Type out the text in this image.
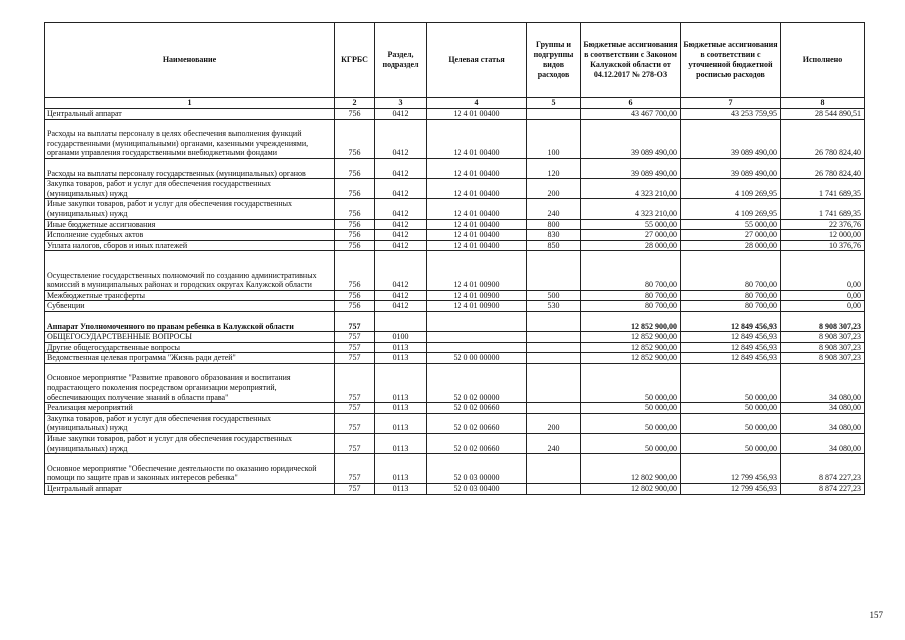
Наименование	КГРБС	Раздел, подраздел	Целевая статья	Группы и подгруппы видов расходов	Бюджетные ассигнования в соответствии с Законом Калужской области от 04.12.2017 № 278-ОЗ	Бюджетные ассигнования в соответствии с уточненной бюджетной росписью расходов	Исполнено
1	2	3	4	5	6	7	8
Центральный аппарат	756	0412	12 4 01 00400		43 467 700,00	43 253 759,95	28 544 890,51
Расходы на выплаты персоналу в целях обеспечения выполнения функций государственными (муниципальными) органами, казенными учреждениями, органами управления государственными внебюджетными фондами	756	0412	12 4 01 00400	100	39 089 490,00	39 089 490,00	26 780 824,40
Расходы на выплаты персоналу государственных (муниципальных) органов	756	0412	12 4 01 00400	120	39 089 490,00	39 089 490,00	26 780 824,40
Закупка товаров, работ и услуг для обеспечения государственных (муниципальных) нужд	756	0412	12 4 01 00400	200	4 323 210,00	4 109 269,95	1 741 689,35
Иные закупки товаров, работ и услуг для обеспечения государственных (муниципальных) нужд	756	0412	12 4 01 00400	240	4 323 210,00	4 109 269,95	1 741 689,35
Иные бюджетные ассигнования	756	0412	12 4 01 00400	800	55 000,00	55 000,00	22 376,76
Исполнение судебных актов	756	0412	12 4 01 00400	830	27 000,00	27 000,00	12 000,00
Уплата налогов, сборов и иных платежей	756	0412	12 4 01 00400	850	28 000,00	28 000,00	10 376,76
Осуществление государственных полномочий по созданию административных комиссий в муниципальных районах и городских округах Калужской области	756	0412	12 4 01 00900		80 700,00	80 700,00	0,00
Межбюджетные трансферты	756	0412	12 4 01 00900	500	80 700,00	80 700,00	0,00
Субвенции	756	0412	12 4 01 00900	530	80 700,00	80 700,00	0,00
Аппарат Уполномоченного по правам ребенка в Калужской области	757				12 852 900,00	12 849 456,93	8 908 307,23
ОБЩЕГОСУДАРСТВЕННЫЕ ВОПРОСЫ	757	0100			12 852 900,00	12 849 456,93	8 908 307,23
Другие общегосударственные вопросы	757	0113			12 852 900,00	12 849 456,93	8 908 307,23
Ведомственная целевая программа "Жизнь ради детей"	757	0113	52 0 00 00000		12 852 900,00	12 849 456,93	8 908 307,23
Основное мероприятие "Развитие правового образования и воспитания подрастающего поколения посредством организации мероприятий, обеспечивающих получение знаний в области права"	757	0113	52 0 02 00000		50 000,00	50 000,00	34 080,00
Реализация мероприятий	757	0113	52 0 02 00660		50 000,00	50 000,00	34 080,00
Закупка товаров, работ и услуг для обеспечения государственных (муниципальных) нужд	757	0113	52 0 02 00660	200	50 000,00	50 000,00	34 080,00
Иные закупки товаров, работ и услуг для обеспечения государственных (муниципальных) нужд	757	0113	52 0 02 00660	240	50 000,00	50 000,00	34 080,00
Основное мероприятие "Обеспечение деятельности по оказанию юридической помощи по защите прав и законных интересов ребенка"	757	0113	52 0 03 00000		12 802 900,00	12 799 456,93	8 874 227,23
Центральный аппарат	757	0113	52 0 03 00400		12 802 900,00	12 799 456,93	8 874 227,23
157
